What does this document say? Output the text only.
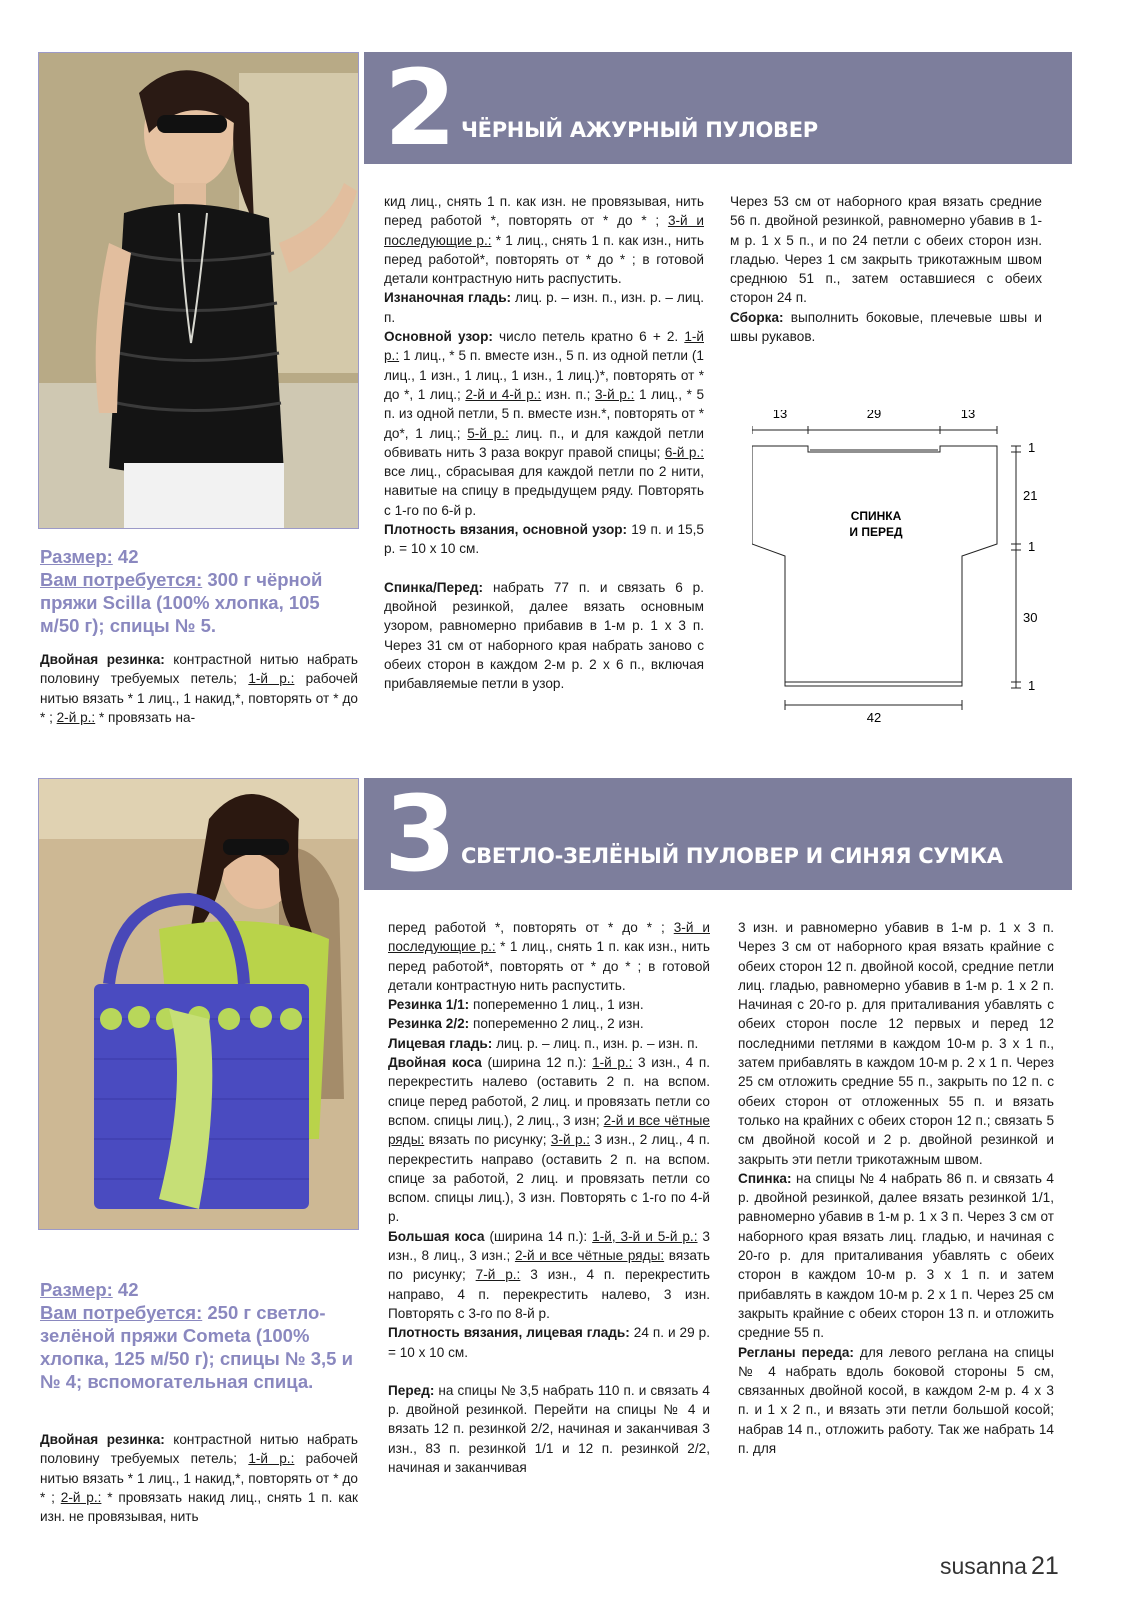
2 ЧЁРНЫЙ АЖУРНЫЙ ПУЛОВЕР
Размер: 42
Вам потребуется: 300 г чёрной пряжи Scilla (100% хлопка, 105 м/50 г); спицы № 5.

Двойная резинка: контрастной нитью набрать половину требуемых петель; 1-й р.: рабочей нитью вязать * 1 лиц., 1 накид,*, повторять от * до * ; 2-й р.: * провязать на-

кид лиц., снять 1 п. как изн. не провязывая, нить перед работой *, повторять от * до * ; 3-й и последующие р.: * 1 лиц., снять 1 п. как изн., нить перед работой*, повторять от * до * ; в готовой детали контрастную нить распустить.

Изнаночная гладь: лиц. р. – изн. п., изн. р. – лиц. п.

Основной узор: число петель кратно 6 + 2. 1-й р.: 1 лиц., * 5 п. вместе изн., 5 п. из одной петли (1 лиц., 1 изн., 1 лиц., 1 изн., 1 лиц.)*, повторять от * до *, 1 лиц.; 2-й и 4-й р.: изн. п.; 3-й р.: 1 лиц., * 5 п. из одной петли, 5 п. вместе изн.*, повторять от * до*, 1 лиц.; 5-й р.: лиц. п., и для каждой петли обвивать нить 3 раза вокруг правой спицы; 6-й р.: все лиц., сбрасывая для каждой петли по 2 нити, навитые на спицу в предыдущем ряду. Повторять с 1-го по 6-й р.

Плотность вязания, основной узор: 19 п. и 15,5 р. = 10 x 10 см.

Спинка/Перед: набрать 77 п. и связать 6 р. двойной резинкой, далее вязать основным узором, равномерно прибавив в 1-м р. 1 x 3 п. Через 31 см от наборного края набрать заново с обеих сторон в каждом 2-м р. 2 x 6 п., включая прибавляемые петли в узор.

Через 53 см от наборного края вязать средние 56 п. двойной резинкой, равномерно убавив в 1-м р. 1 x 5 п., и по 24 петли с обеих сторон изн. гладью. Через 1 см закрыть трикотажным швом среднюю 51 п., затем оставшиеся с обеих сторон 24 п.

Сборка: выполнить боковые, плечевые швы и швы рукавов.

13	29	13
1
21
1
30
1
42
СПИНКА
И ПЕРЕД
3 СВЕТЛО-ЗЕЛЁНЫЙ ПУЛОВЕР И СИНЯЯ СУМКА
Размер: 42
Вам потребуется: 250 г светло-зелёной пряжи Cometa (100% хлопка, 125 м/50 г); спицы № 3,5 и № 4; вспомогательная спица.

Двойная резинка: контрастной нитью набрать половину требуемых петель; 1-й р.: рабочей нитью вязать * 1 лиц., 1 накид,*, повторять от * до * ; 2-й р.: * провязать накид лиц., снять 1 п. как изн. не провязывая, нить

перед работой *, повторять от * до * ; 3-й и последующие р.: * 1 лиц., снять 1 п. как изн., нить перед работой*, повторять от * до * ; в готовой детали контрастную нить распустить.

Резинка 1/1: попеременно 1 лиц., 1 изн.

Резинка 2/2: попеременно 2 лиц., 2 изн.

Лицевая гладь: лиц. р. – лиц. п., изн. р. – изн. п.

Двойная коса (ширина 12 п.): 1-й р.: 3 изн., 4 п. перекрестить налево (оставить 2 п. на вспом. спице перед работой, 2 лиц. и провязать петли со вспом. спицы лиц.), 2 лиц., 3 изн; 2-й и все чётные ряды: вязать по рисунку; 3-й р.: 3 изн., 2 лиц., 4 п. перекрестить направо (оставить 2 п. на вспом. спице за работой, 2 лиц. и провязать петли со вспом. спицы лиц.), 3 изн. Повторять с 1-го по 4-й р.

Большая коса (ширина 14 п.): 1-й, 3-й и 5-й р.: 3 изн., 8 лиц., 3 изн.; 2-й и все чётные ряды: вязать по рисунку; 7-й р.: 3 изн., 4 п. перекрестить направо, 4 п. перекрестить налево, 3 изн. Повторять с 3-го по 8-й р.

Плотность вязания, лицевая гладь: 24 п. и 29 р. = 10 x 10 см.

Перед: на спицы № 3,5 набрать 110 п. и связать 4 р. двойной резинкой. Перейти на спицы № 4 и вязать 12 п. резинкой 2/2, начиная и заканчивая 3 изн., 83 п. резинкой 1/1 и 12 п. резинкой 2/2, начиная и заканчивая

3 изн. и равномерно убавив в 1-м р. 1 x 3 п. Через 3 см от наборного края вязать крайние с обеих сторон 12 п. двойной косой, средние петли лиц. гладью, равномерно убавив в 1-м р. 1 x 2 п. Начиная с 20-го р. для приталивания убавлять с обеих сторон после 12 первых и перед 12 последними петлями в каждом 10-м р. 3 x 1 п., затем прибавлять в каждом 10-м р. 2 x 1 п. Через 25 см отложить средние 55 п., закрыть по 12 п. с обеих сторон от отложенных 55 п. и вязать только на крайних с обеих сторон 12 п.; связать 5 см двойной косой и 2 р. двойной резинкой и закрыть эти петли трикотажным швом.

Спинка: на спицы № 4 набрать 86 п. и связать 4 р. двойной резинкой, далее вязать резинкой 1/1, равномерно убавив в 1-м р. 1 x 3 п. Через 3 см от наборного края вязать лиц. гладью, и начиная с 20-го р. для приталивания убавлять с обеих сторон в каждом 10-м р. 3 x 1 п. и затем прибавлять в каждом 10-м р. 2 x 1 п. Через 25 см закрыть крайние с обеих сторон 13 п. и отложить средние 55 п.

Регланы переда: для левого реглана на спицы № 4 набрать вдоль боковой стороны 5 см, связанных двойной косой, в каждом 2-м р. 4 x 3 п. и 1 x 2 п., и вязать эти петли большой косой; набрав 14 п., отложить работу. Так же набрать 14 п. для

susanna 21
